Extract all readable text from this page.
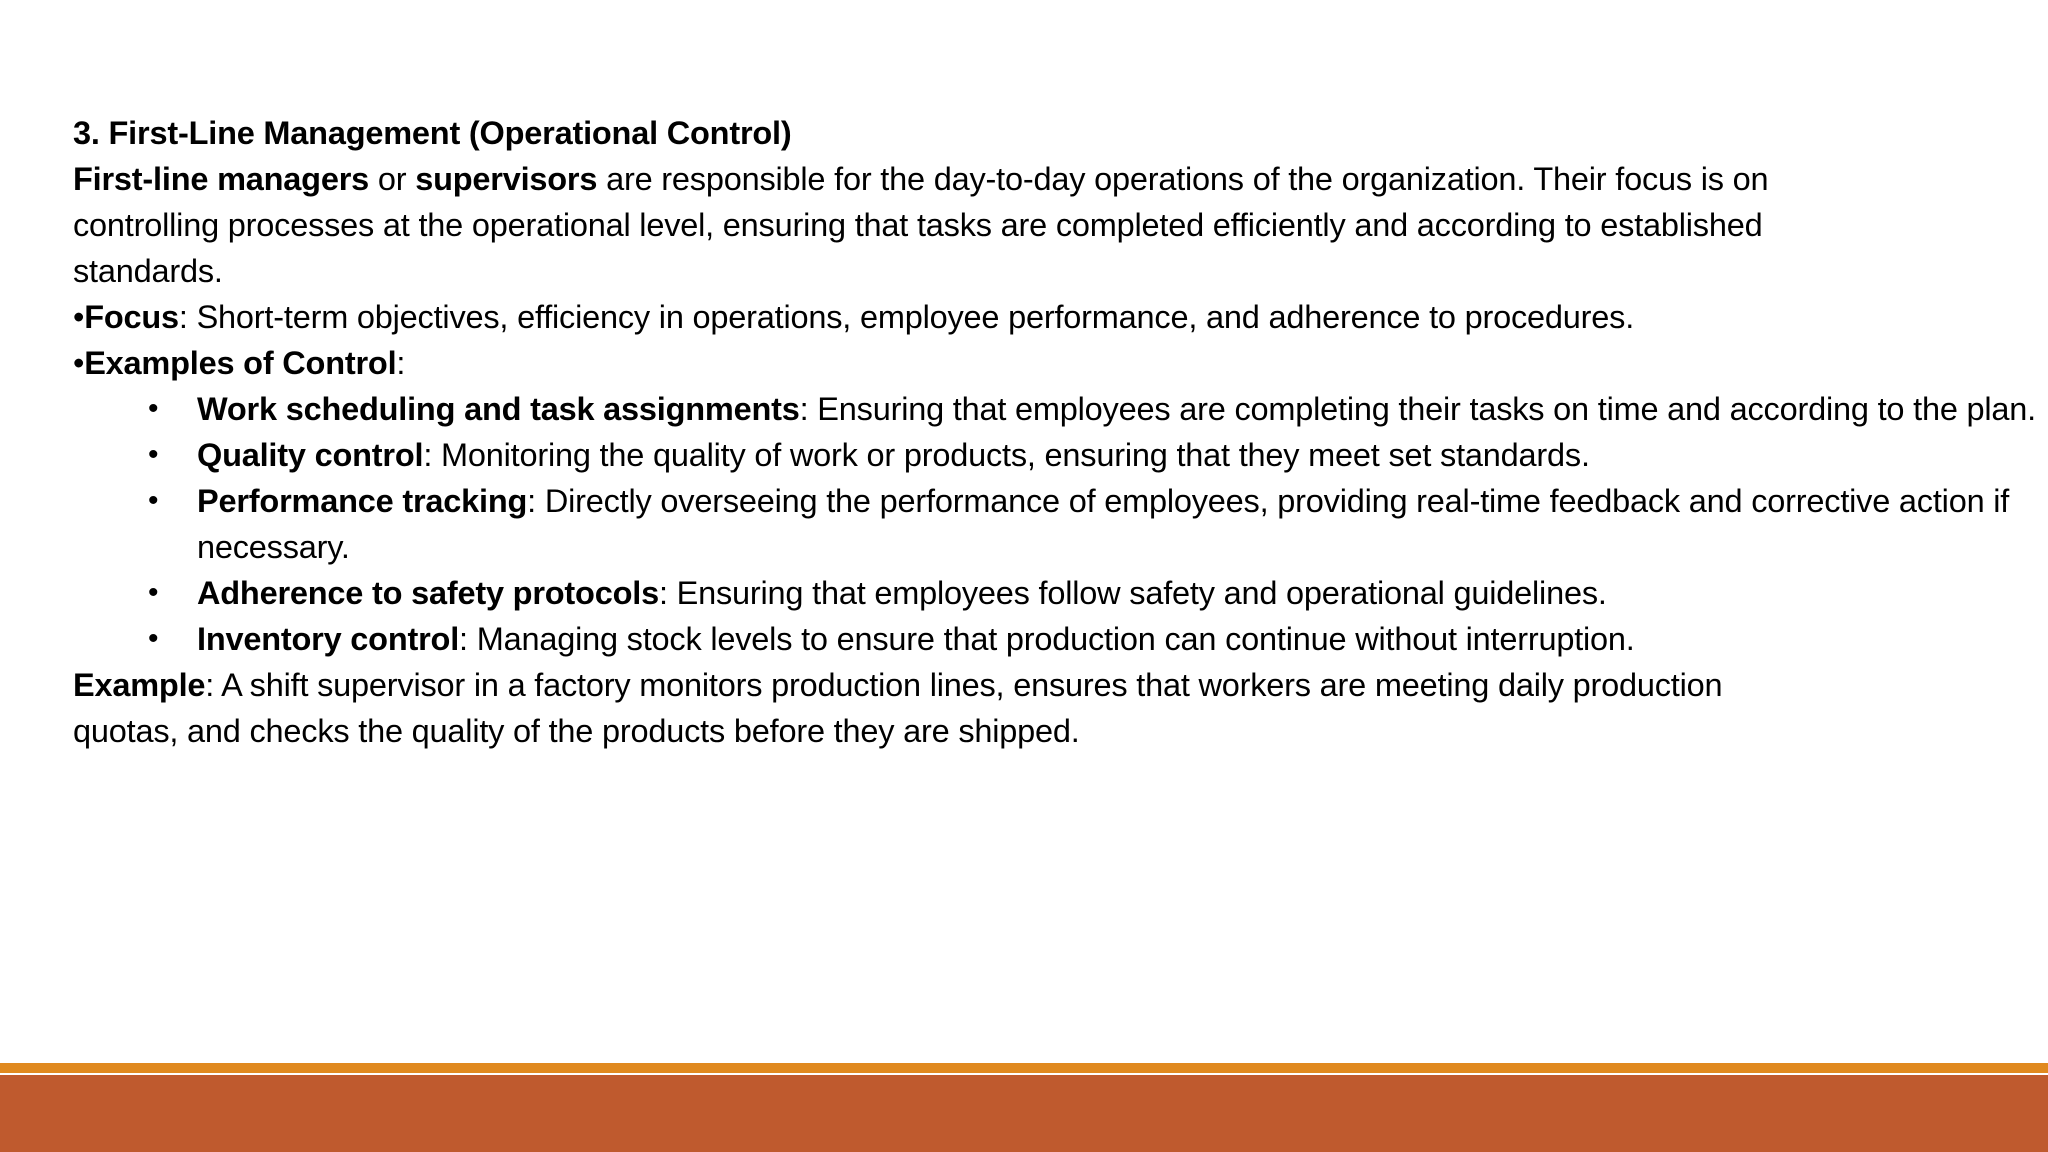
3. First-Line Management (Operational Control)

First-line managers or supervisors are responsible for the day-to-day operations of the organization. Their focus is on
controlling processes at the operational level, ensuring that tasks are completed efficiently and according to established
standards.

•Focus: Short-term objectives, efficiency in operations, employee performance, and adherence to procedures.

•Examples of Control:

• Work scheduling and task assignments: Ensuring that employees are completing their tasks on time and according to the plan.
• Quality control: Monitoring the quality of work or products, ensuring that they meet set standards.
• Performance tracking: Directly overseeing the performance of employees, providing real-time feedback and corrective action if necessary.
• Adherence to safety protocols: Ensuring that employees follow safety and operational guidelines.
• Inventory control: Managing stock levels to ensure that production can continue without interruption.

Example: A shift supervisor in a factory monitors production lines, ensures that workers are meeting daily production
quotas, and checks the quality of the products before they are shipped.
